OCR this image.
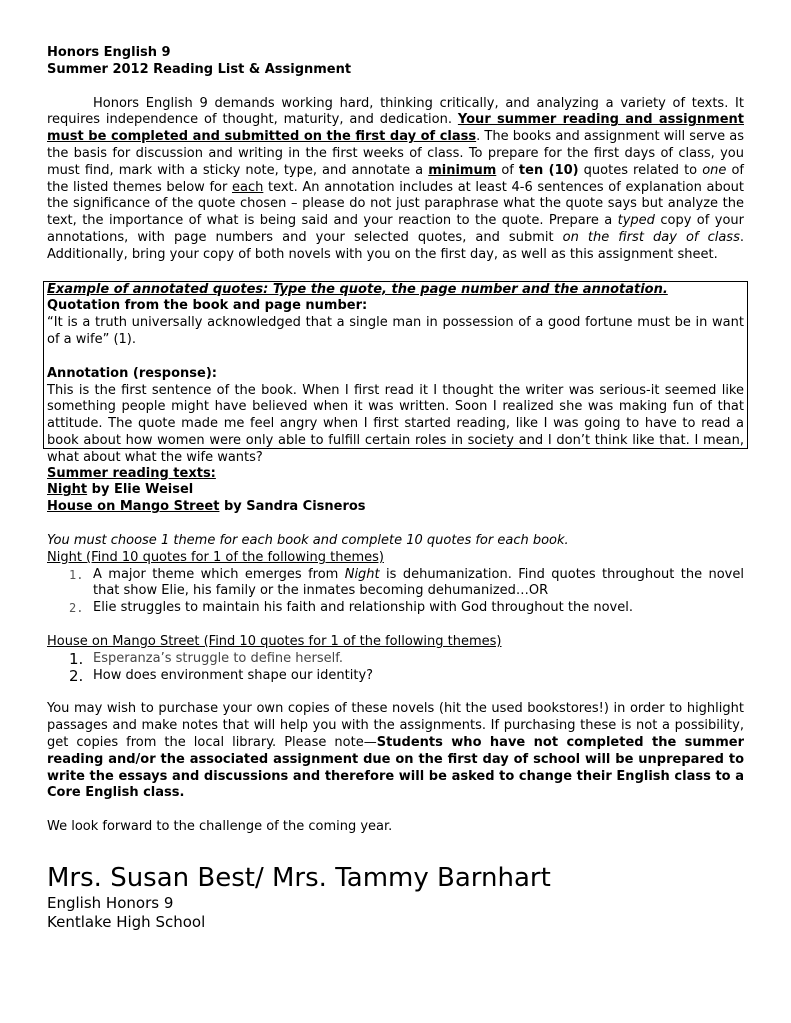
Honors English 9

Summer 2012 Reading List & Assignment

Honors English 9 demands working hard, thinking critically, and analyzing a variety of texts. It requires independence of thought, maturity, and dedication. Your summer reading and assignment must be completed and submitted on the first day of class. The books and assignment will serve as the basis for discussion and writing in the first weeks of class. To prepare for the first days of class, you must find, mark with a sticky note, type, and annotate a minimum of ten (10) quotes related to one of the listed themes below for each text. An annotation includes at least 4-6 sentences of explanation about the significance of the quote chosen – please do not just paraphrase what the quote says but analyze the text, the importance of what is being said and your reaction to the quote. Prepare a typed copy of your annotations, with page numbers and your selected quotes, and submit on the first day of class. Additionally, bring your copy of both novels with you on the first day, as well as this assignment sheet.

Example of annotated quotes: Type the quote, the page number and the annotation.

Quotation from the book and page number:

“It is a truth universally acknowledged that a single man in possession of a good fortune must be in want of a wife” (1).

Annotation (response):

This is the first sentence of the book. When I first read it I thought the writer was serious-it seemed like something people might have believed when it was written. Soon I realized she was making fun of that attitude. The quote made me feel angry when I first started reading, like I was going to have to read a book about how women were only able to fulfill certain roles in society and I don’t think like that. I mean, what about what the wife wants?

Summer reading texts:

Night by Elie Weisel

House on Mango Street by Sandra Cisneros

You must choose 1 theme for each book and complete 10 quotes for each book.

Night (Find 10 quotes for 1 of the following themes)

1. A major theme which emerges from Night is dehumanization. Find quotes throughout the novel that show Elie, his family or the inmates becoming dehumanized…OR
2. Elie struggles to maintain his faith and relationship with God throughout the novel.

House on Mango Street (Find 10 quotes for 1 of the following themes)

1. Esperanza’s struggle to define herself.
2. How does environment shape our identity?

You may wish to purchase your own copies of these novels (hit the used bookstores!) in order to highlight passages and make notes that will help you with the assignments. If purchasing these is not a possibility, get copies from the local library. Please note—Students who have not completed the summer reading and/or the associated assignment due on the first day of school will be unprepared to write the essays and discussions and therefore will be asked to change their English class to a Core English class.

We look forward to the challenge of the coming year.

Mrs. Susan Best/ Mrs. Tammy Barnhart

English Honors 9

Kentlake High School
